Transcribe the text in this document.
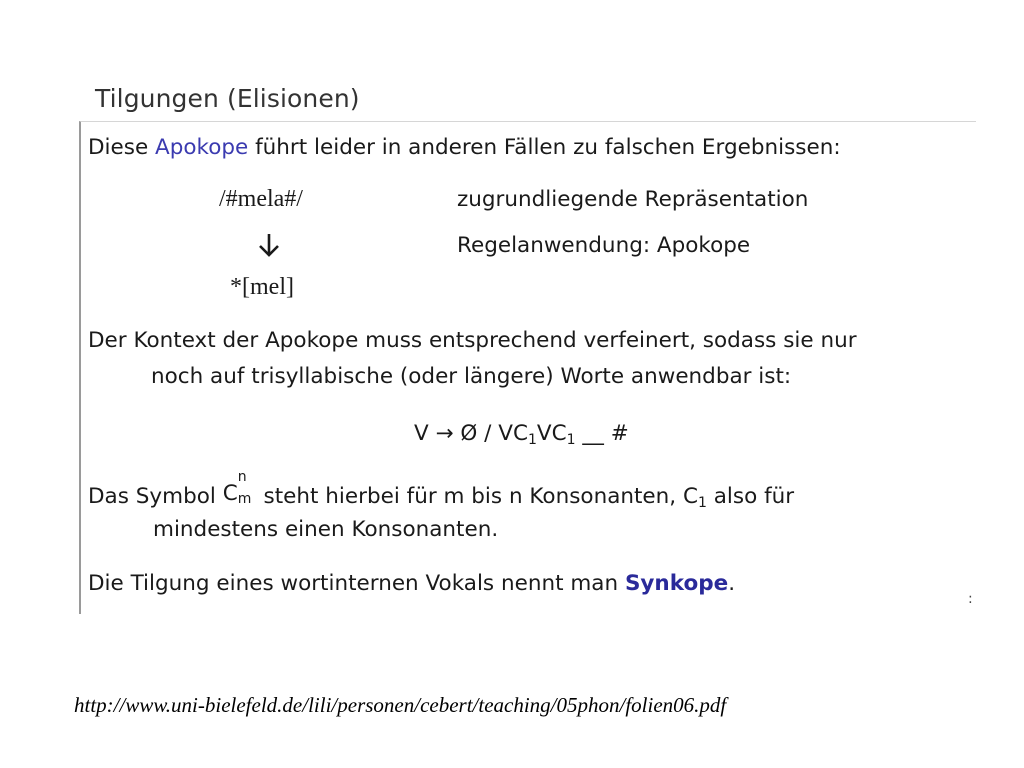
Tilgungen (Elisionen)
Diese Apokope führt leider in anderen Fällen zu falschen Ergebnissen:
/#mela#/	zugrundliegende Repräsentation
Regelanwendung: Apokope
*[mel]
Der Kontext der Apokope muss entsprechend verfeinert, sodass sie nur
noch auf trisyllabische (oder längere) Worte anwendbar ist:
V → Ø / $VC_1VC_1$ __ #
Das Symbol C
n
m steht hierbei für m bis n Konsonanten, $C_1$ also für
mindestens einen Konsonanten.
Die Tilgung eines wortinternen Vokals nennt man Synkope.
:
http://www.uni-bielefeld.de/lili/personen/cebert/teaching/05phon/folien06.pdf
